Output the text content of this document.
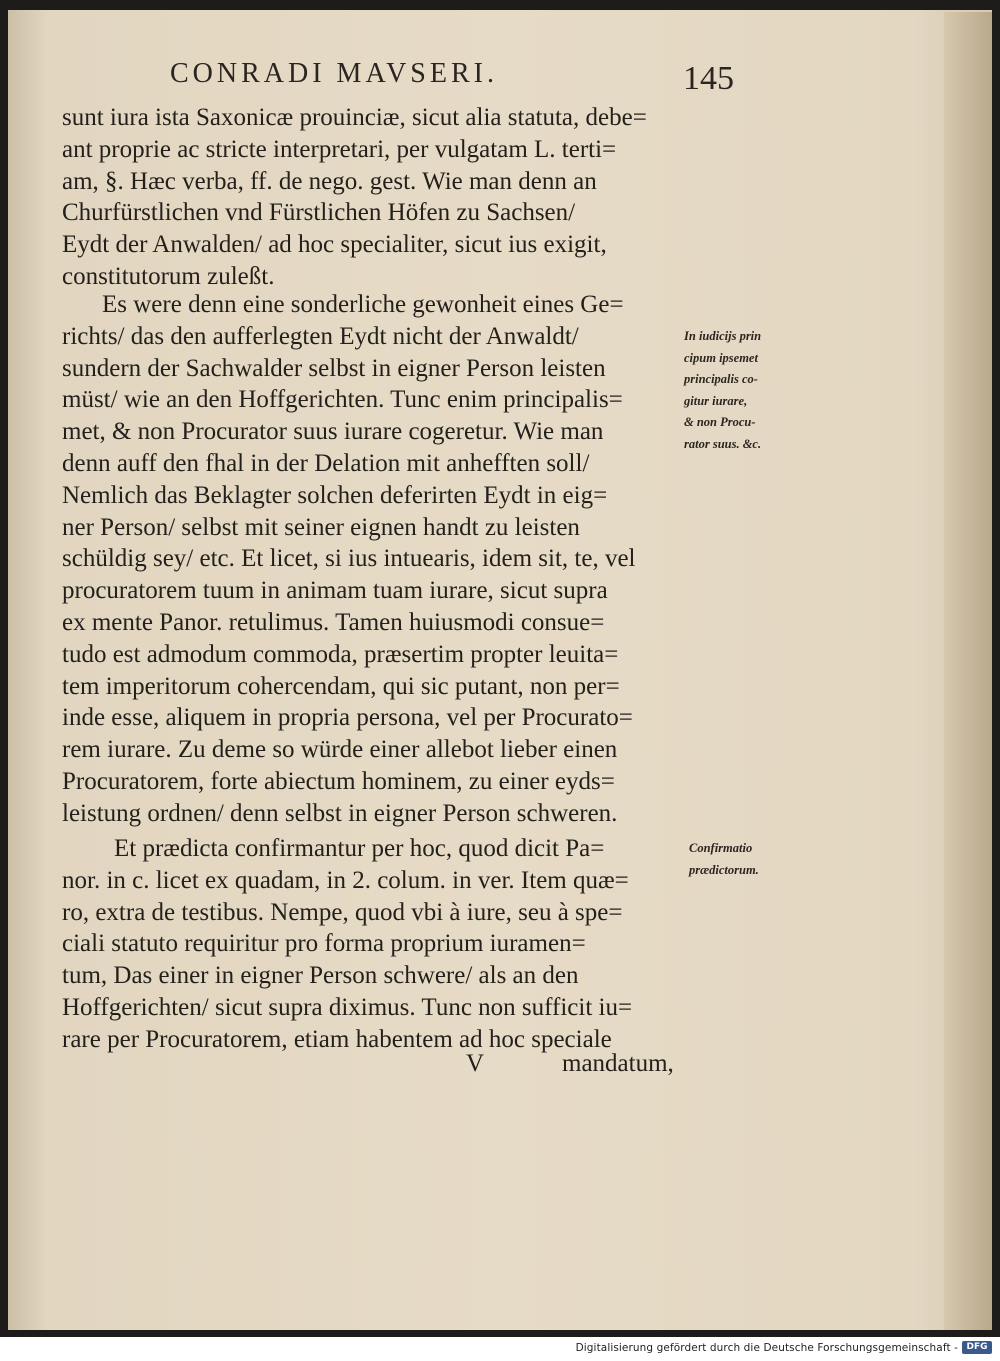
CONRADI MAVSERI.	145
sunt iura ista Saxonicæ prouinciæ, sicut alia statuta, debe=
ant proprie ac stricte interpretari, per vulgatam L. terti=
am, §. Hæc verba, ff. de nego. gest. Wie man denn an
Churfürstlichen vnd Fürstlichen Höfen zu Sachsen/
Eydt der Anwalden/ ad hoc specialiter, sicut ius exigit,
constitutorum zuleßt.
Es were denn eine sonderliche gewonheit eines Ge=
richts/ das den aufferlegten Eydt nicht der Anwaldt/
sundern der Sachwalder selbst in eigner Person leisten
müst/ wie an den Hoffgerichten. Tunc enim principalis=
met, & non Procurator suus iurare cogeretur. Wie man
denn auff den fhal in der Delation mit anhefften soll/
Nemlich das Beklagter solchen deferirten Eydt in eig=
ner Person/ selbst mit seiner eignen handt zu leisten
schüldig sey/ etc. Et licet, si ius intuearis, idem sit, te, vel
procuratorem tuum in animam tuam iurare, sicut supra
ex mente Panor. retulimus. Tamen huiusmodi consue=
tudo est admodum commoda, præsertim propter leuita=
tem imperitorum cohercendam, qui sic putant, non per=
inde esse, aliquem in propria persona, vel per Procurato=
rem iurare. Zu deme so würde einer allebot lieber einen
Procuratorem, forte abiectum hominem, zu einer eyds=
leistung ordnen/ denn selbst in eigner Person schweren.
Et prædicta confirmantur per hoc, quod dicit Pa=
nor. in c. licet ex quadam, in 2. colum. in ver. Item quæ=
ro, extra de testibus. Nempe, quod vbi à iure, seu à spe=
ciali statuto requiritur pro forma proprium iuramen=
tum, Das einer in eigner Person schwere/ als an den
Hoffgerichten/ sicut supra diximus. Tunc non sufficit iu=
rare per Procuratorem, etiam habentem ad hoc speciale
V	mandatum,
In iudicijs prin
cipum ipsemet
principalis co-
gitur iurare,
& non Procu-
rator suus. &c.
Confirmatio
prædictorum.
Digitalisierung gefördert durch die Deutsche Forschungsgemeinschaft - DFG
